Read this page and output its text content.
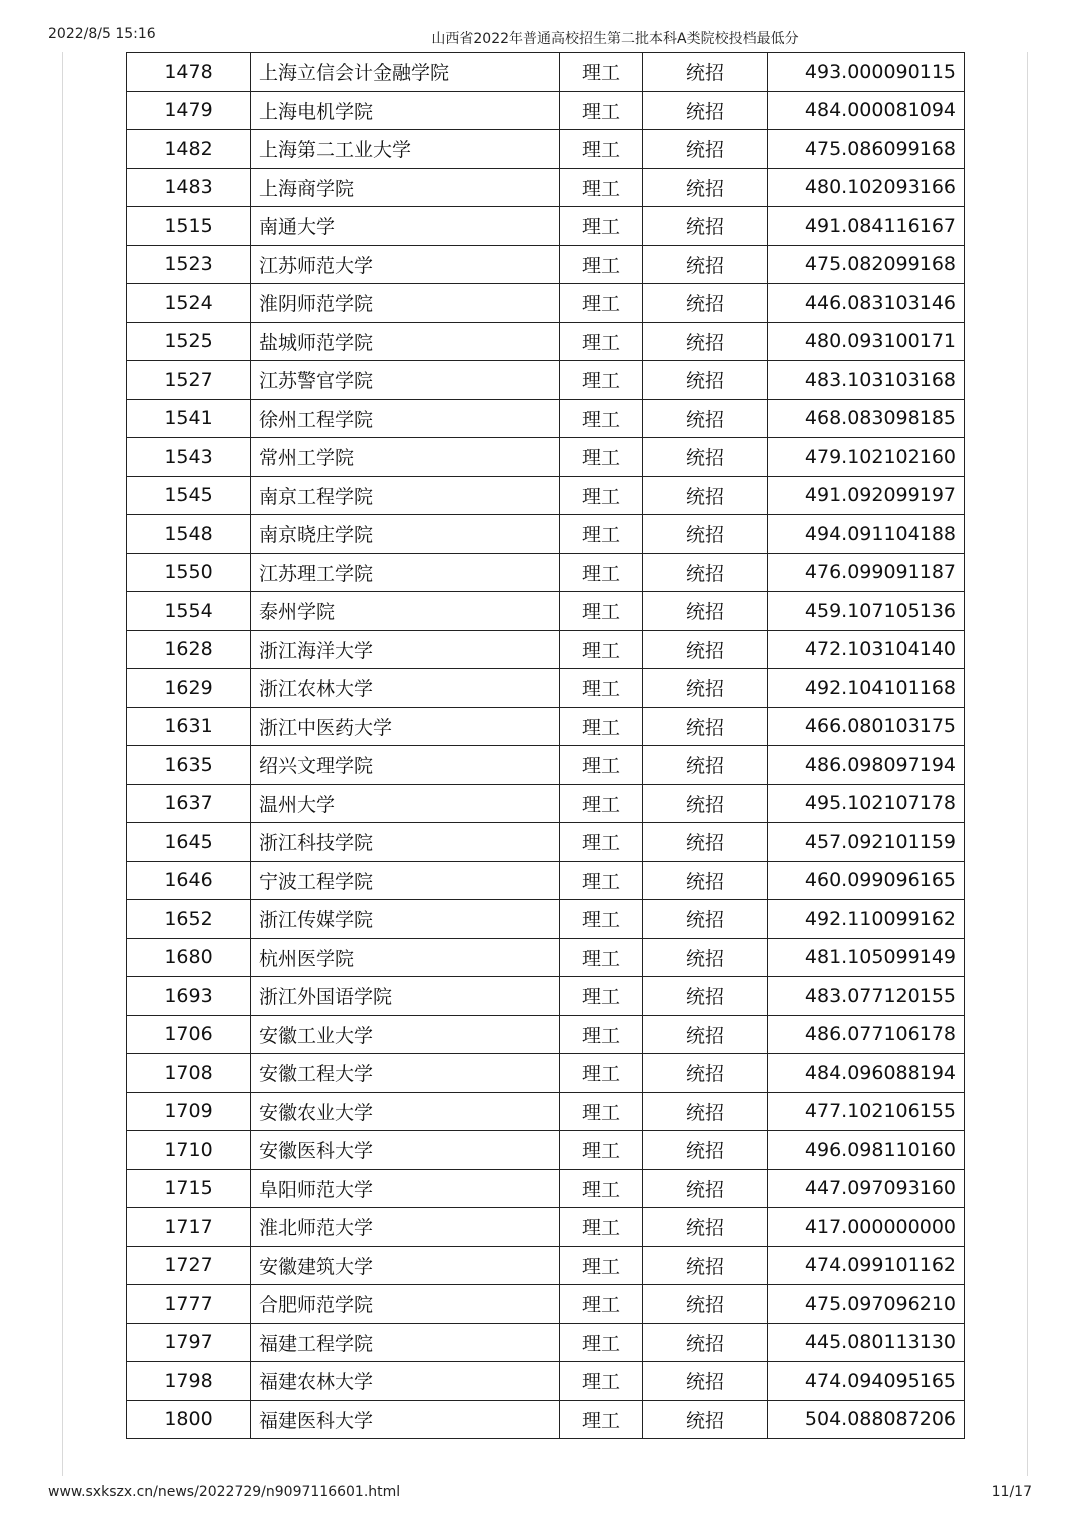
2022/8/5 15:16	山西省2022年普通高校招生第二批本科A类院校投档最低分
1478	上海立信会计金融学院	理工	统招	493.000090115
1479	上海电机学院	理工	统招	484.000081094
1482	上海第二工业大学	理工	统招	475.086099168
1483	上海商学院	理工	统招	480.102093166
1515	南通大学	理工	统招	491.084116167
1523	江苏师范大学	理工	统招	475.082099168
1524	淮阴师范学院	理工	统招	446.083103146
1525	盐城师范学院	理工	统招	480.093100171
1527	江苏警官学院	理工	统招	483.103103168
1541	徐州工程学院	理工	统招	468.083098185
1543	常州工学院	理工	统招	479.102102160
1545	南京工程学院	理工	统招	491.092099197
1548	南京晓庄学院	理工	统招	494.091104188
1550	江苏理工学院	理工	统招	476.099091187
1554	泰州学院	理工	统招	459.107105136
1628	浙江海洋大学	理工	统招	472.103104140
1629	浙江农林大学	理工	统招	492.104101168
1631	浙江中医药大学	理工	统招	466.080103175
1635	绍兴文理学院	理工	统招	486.098097194
1637	温州大学	理工	统招	495.102107178
1645	浙江科技学院	理工	统招	457.092101159
1646	宁波工程学院	理工	统招	460.099096165
1652	浙江传媒学院	理工	统招	492.110099162
1680	杭州医学院	理工	统招	481.105099149
1693	浙江外国语学院	理工	统招	483.077120155
1706	安徽工业大学	理工	统招	486.077106178
1708	安徽工程大学	理工	统招	484.096088194
1709	安徽农业大学	理工	统招	477.102106155
1710	安徽医科大学	理工	统招	496.098110160
1715	阜阳师范大学	理工	统招	447.097093160
1717	淮北师范大学	理工	统招	417.000000000
1727	安徽建筑大学	理工	统招	474.099101162
1777	合肥师范学院	理工	统招	475.097096210
1797	福建工程学院	理工	统招	445.080113130
1798	福建农林大学	理工	统招	474.094095165
1800	福建医科大学	理工	统招	504.088087206
www.sxkszx.cn/news/2022729/n9097116601.html	11/17
